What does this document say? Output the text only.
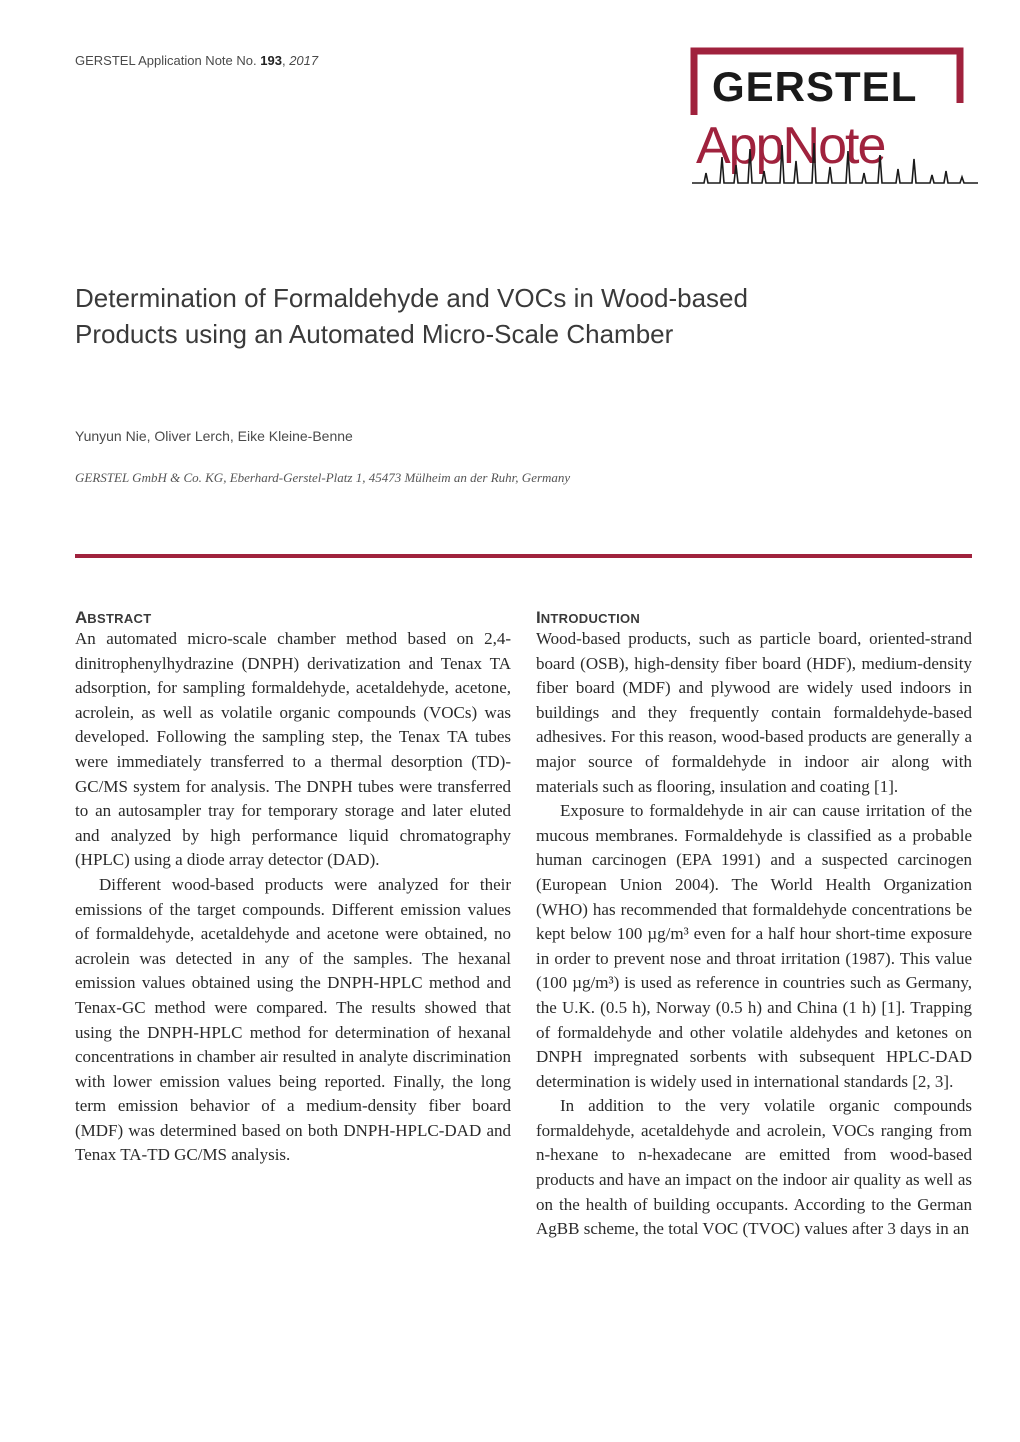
GERSTEL Application Note No. 193, 2017
GERSTEL
AppNote
Determination of Formaldehyde and VOCs in Wood-based
Products using an Automated Micro-Scale Chamber
Yunyun Nie, Oliver Lerch, Eike Kleine-Benne
GERSTEL GmbH & Co. KG, Eberhard-Gerstel-Platz 1, 45473 Mülheim an der Ruhr, Germany
ABSTRACT

An automated micro-scale chamber method based on 2,4-dinitrophenylhydrazine (DNPH) derivatization and Tenax TA adsorption, for sampling formaldehyde, acetaldehyde, acetone, acrolein, as well as volatile organic compounds (VOCs) was developed. Following the sampling step, the Tenax TA tubes were immediately transferred to a thermal desorption (TD)-GC/MS system for analysis. The DNPH tubes were transferred to an autosampler tray for temporary storage and later eluted and analyzed by high performance liquid chromatography (HPLC) using a diode array detector (DAD).

Different wood-based products were analyzed for their emissions of the target compounds. Different emission values of formaldehyde, acetaldehyde and acetone were obtained, no acrolein was detected in any of the samples. The hexanal emission values obtained using the DNPH-HPLC method and Tenax-GC method were compared. The results showed that using the DNPH-HPLC method for determination of hexanal concentrations in chamber air resulted in analyte discrimination with lower emission values being reported. Finally, the long term emission behavior of a medium-density fiber board (MDF) was determined based on both DNPH-HPLC-DAD and Tenax TA-TD GC/MS analysis.

INTRODUCTION

Wood-based products, such as particle board, oriented-strand board (OSB), high-density fiber board (HDF), medium-density fiber board (MDF) and plywood are widely used indoors in buildings and they frequently contain formaldehyde-based adhesives. For this reason, wood-based products are generally a major source of formaldehyde in indoor air along with materials such as flooring, insulation and coating [1].

Exposure to formaldehyde in air can cause irritation of the mucous membranes. Formaldehyde is classified as a probable human carcinogen (EPA 1991) and a suspected carcinogen (European Union 2004). The World Health Organization (WHO) has recommended that formaldehyde concentrations be kept below 100 µg/m³ even for a half hour short-time exposure in order to prevent nose and throat irritation (1987). This value (100 µg/m³) is used as reference in countries such as Germany, the U.K. (0.5 h), Norway (0.5 h) and China (1 h) [1]. Trapping of formaldehyde and other volatile aldehydes and ketones on DNPH impregnated sorbents with subsequent HPLC-DAD determination is widely used in international standards [2, 3].

In addition to the very volatile organic compounds formaldehyde, acetaldehyde and acrolein, VOCs ranging from n-hexane to n-hexadecane are emitted from wood-based products and have an impact on the indoor air quality as well as on the health of building occupants. According to the German AgBB scheme, the total VOC (TVOC) values after 3 days in an
